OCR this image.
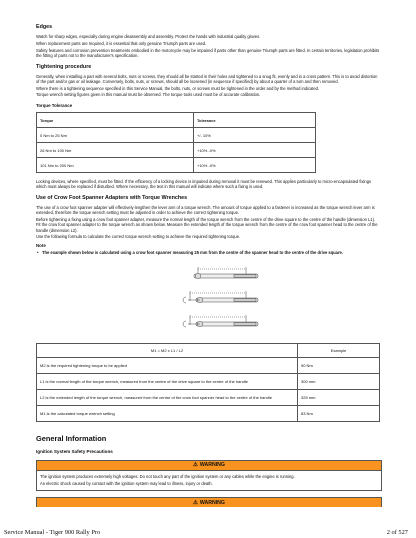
Edges
Watch for sharp edges, especially during engine disassembly and assembly. Protect the hands with industrial quality gloves.
When replacement parts are required, it is essential that only genuine Triumph parts are used.
Safety features and corrosion prevention treatments embodied in the motorcycle may be impaired if parts other than genuine Triumph parts are fitted. In certain territories, legislation prohibits the fitting of parts not to the manufacturer's specification.
Tightening procedure
Generally, when installing a part with several bolts, nuts or screws, they should all be started in their holes and tightened to a snug fit, evenly and in a cross pattern. This is to avoid distortion of the part and/or gas or oil leakage. Conversely, bolts, nuts, or screws, should all be loosened (in sequence if specified) by about a quarter of a turn and then removed.
Where there is a tightening sequence specified in this Service Manual, the bolts, nuts, or screws must be tightened in the order and by the method indicated.
Torque wrench setting figures given in this manual must be observed. The torque tools used must be of accurate calibration.
Torque Tolerance
Torque	Tolerance
0 Nm to 25 Nm	+/- 10%
26 Nm to 100 Nm	+10% -0%
101 Nm to 200 Nm	+10% -0%
Locking devices, where specified, must be fitted. If the efficiency of a locking device is impaired during removal it must be renewed. This applies particularly to micro-encapsulated fixings which must always be replaced if disturbed. Where necessary, the text in this manual will indicate where such a fixing is used.
Use of Crow Foot Spanner Adapters with Torque Wrenches
The use of a crow foot spanner adapter will effectively lengthen the lever arm of a torque wrench. The amount of torque applied to a fastener is increased as the torque wrench lever arm is extended, therefore the torque wrench setting must be adjusted in order to achieve the correct tightening torque.
Before tightening a fixing using a crow foot spanner adapter, measure the normal length of the torque wrench from the centre of the drive square to the centre of the handle (dimension L1). Fit the crow foot spanner adapter to the torque wrench as shown below. Measure the extended length of the torque wrench from the centre of the crow foot spanner head to the centre of the handle (dimension L2).
Use the following formula to calculate the correct torque wrench setting to achieve the required tightening torque.
Note
• The example shown below is calculated using a crow foot spanner measuring 25 mm from the centre of the spanner head to the centre of the drive square.
M1 = M2 x L1 / L2	Example
M2 is the required tightening torque to be applied	90 Nm
L1 is the normal length of the torque wrench, measured from the centre of the drive square to the centre of the handle	300 mm
L2 is the extended length of the torque wrench, measured from the centre of the crow foot spanner head to the centre of the handle	325 mm
M1 is the calculated torque wrench setting	83 Nm
General Information
Ignition System Safety Precautions
⚠ WARNING
The ignition system produces extremely high voltages. Do not touch any part of the ignition system or any cables while the engine is running.
An electric shock caused by contact with the ignition system may lead to illness, injury or death.
⚠ WARNING
Service Manual - Tiger 900 Rally Pro	2 of 527
